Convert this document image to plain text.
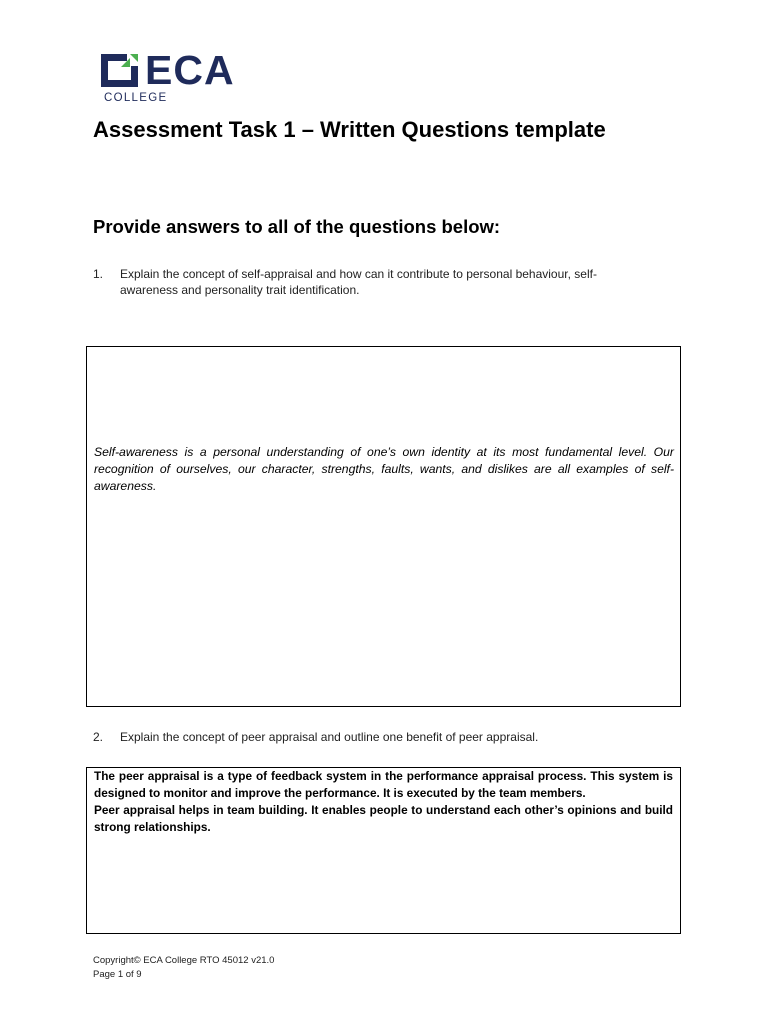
ECA
COLLEGE
Assessment Task 1 – Written Questions template
Provide answers to all of the questions below:
1.	Explain the concept of self-appraisal and how can it contribute to personal behaviour, self-awareness and personality trait identification.
Self-awareness is a personal understanding of one’s own identity at its most fundamental level. Our recognition of ourselves, our character, strengths, faults, wants, and dislikes are all examples of self-awareness.
2.	Explain the concept of peer appraisal and outline one benefit of peer appraisal.

The peer appraisal is a type of feedback system in the performance appraisal process. This system is designed to monitor and improve the performance. It is executed by the team members.

Peer appraisal helps in team building. It enables people to understand each other’s opinions and build strong relationships.

Copyright© ECA College RTO 45012 v21.0
Page 1 of 9
